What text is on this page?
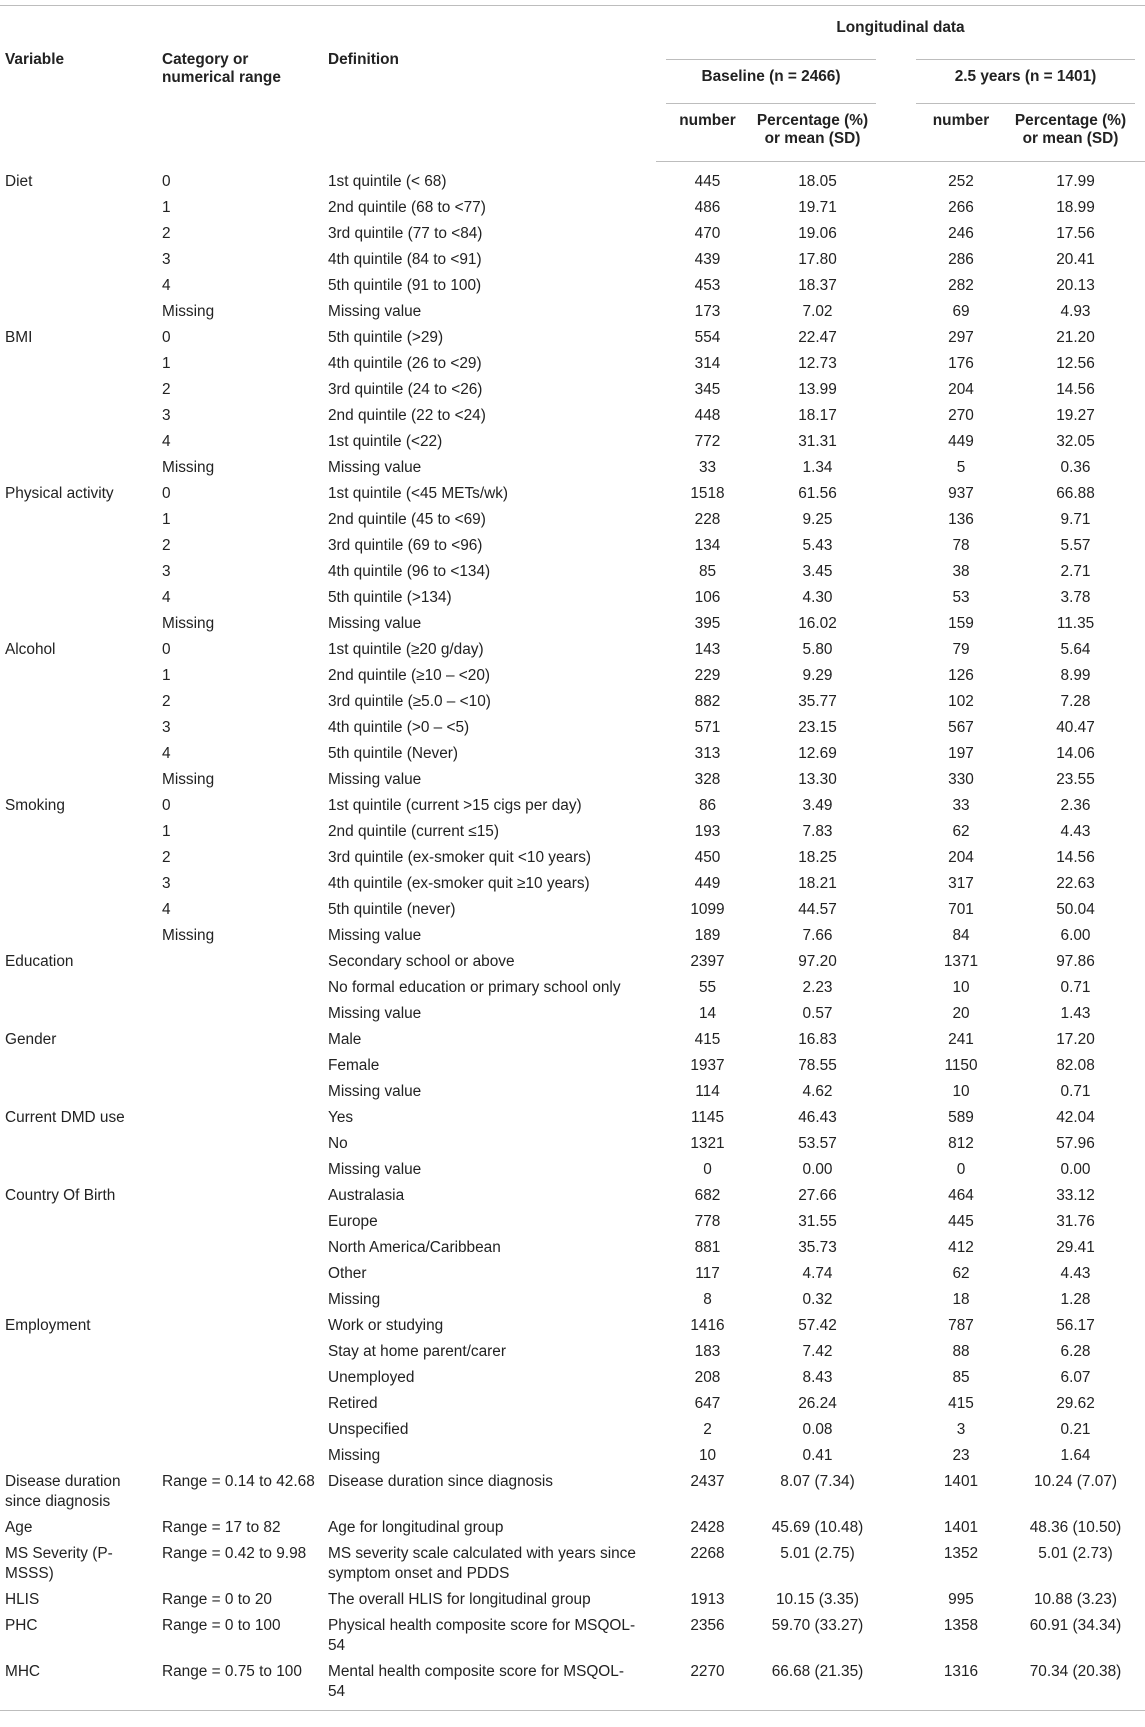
Variable	Category or numerical range	Definition	Longitudinal data			

			Baseline (n = 2466)		2.5 years (n = 1401)	

			number	Percentage (%) or mean (SD)	number	Percentage (%) or mean (SD)

Diet	0	1st quintile (< 68)	445	18.05	252	17.99
	1	2nd quintile (68 to <77)	486	19.71	266	18.99
	2	3rd quintile (77 to <84)	470	19.06	246	17.56
	3	4th quintile (84 to <91)	439	17.80	286	20.41
	4	5th quintile (91 to 100)	453	18.37	282	20.13
	Missing	Missing value	173	7.02	69	4.93
BMI	0	5th quintile (>29)	554	22.47	297	21.20
	1	4th quintile (26 to <29)	314	12.73	176	12.56
	2	3rd quintile (24 to <26)	345	13.99	204	14.56
	3	2nd quintile (22 to <24)	448	18.17	270	19.27
	4	1st quintile (<22)	772	31.31	449	32.05
	Missing	Missing value	33	1.34	5	0.36
Physical activity	0	1st quintile (<45 METs/wk)	1518	61.56	937	66.88
	1	2nd quintile (45 to <69)	228	9.25	136	9.71
	2	3rd quintile (69 to <96)	134	5.43	78	5.57
	3	4th quintile (96 to <134)	85	3.45	38	2.71
	4	5th quintile (>134)	106	4.30	53	3.78
	Missing	Missing value	395	16.02	159	11.35
Alcohol	0	1st quintile (≥20 g/day)	143	5.80	79	5.64
	1	2nd quintile (≥10 – <20)	229	9.29	126	8.99
	2	3rd quintile (≥5.0 – <10)	882	35.77	102	7.28
	3	4th quintile (>0 – <5)	571	23.15	567	40.47
	4	5th quintile (Never)	313	12.69	197	14.06
	Missing	Missing value	328	13.30	330	23.55
Smoking	0	1st quintile (current >15 cigs per day)	86	3.49	33	2.36
	1	2nd quintile (current ≤15)	193	7.83	62	4.43
	2	3rd quintile (ex-smoker quit <10 years)	450	18.25	204	14.56
	3	4th quintile (ex-smoker quit ≥10 years)	449	18.21	317	22.63
	4	5th quintile (never)	1099	44.57	701	50.04
	Missing	Missing value	189	7.66	84	6.00
Education		Secondary school or above	2397	97.20	1371	97.86
		No formal education or primary school only	55	2.23	10	0.71
		Missing value	14	0.57	20	1.43
Gender		Male	415	16.83	241	17.20
		Female	1937	78.55	1150	82.08
		Missing value	114	4.62	10	0.71
Current DMD use		Yes	1145	46.43	589	42.04
		No	1321	53.57	812	57.96
		Missing value	0	0.00	0	0.00
Country Of Birth		Australasia	682	27.66	464	33.12
		Europe	778	31.55	445	31.76
		North America/Caribbean	881	35.73	412	29.41
		Other	117	4.74	62	4.43
		Missing	8	0.32	18	1.28
Employment		Work or studying	1416	57.42	787	56.17
		Stay at home parent/carer	183	7.42	88	6.28
		Unemployed	208	8.43	85	6.07
		Retired	647	26.24	415	29.62
		Unspecified	2	0.08	3	0.21
		Missing	10	0.41	23	1.64
Disease duration since diagnosis	Range = 0.14 to 42.68	Disease duration since diagnosis	2437	8.07 (7.34)	1401	10.24 (7.07)
Age	Range = 17 to 82	Age for longitudinal group	2428	45.69 (10.48)	1401	48.36 (10.50)
MS Severity (P-MSSS)	Range = 0.42 to 9.98	MS severity scale calculated with years since symptom onset and PDDS	2268	5.01 (2.75)	1352	5.01 (2.73)
HLIS	Range = 0 to 20	The overall HLIS for longitudinal group	1913	10.15 (3.35)	995	10.88 (3.23)
PHC	Range = 0 to 100	Physical health composite score for MSQOL-54	2356	59.70 (33.27)	1358	60.91 (34.34)
MHC	Range = 0.75 to 100	Mental health composite score for MSQOL-54	2270	66.68 (21.35)	1316	70.34 (20.38)
